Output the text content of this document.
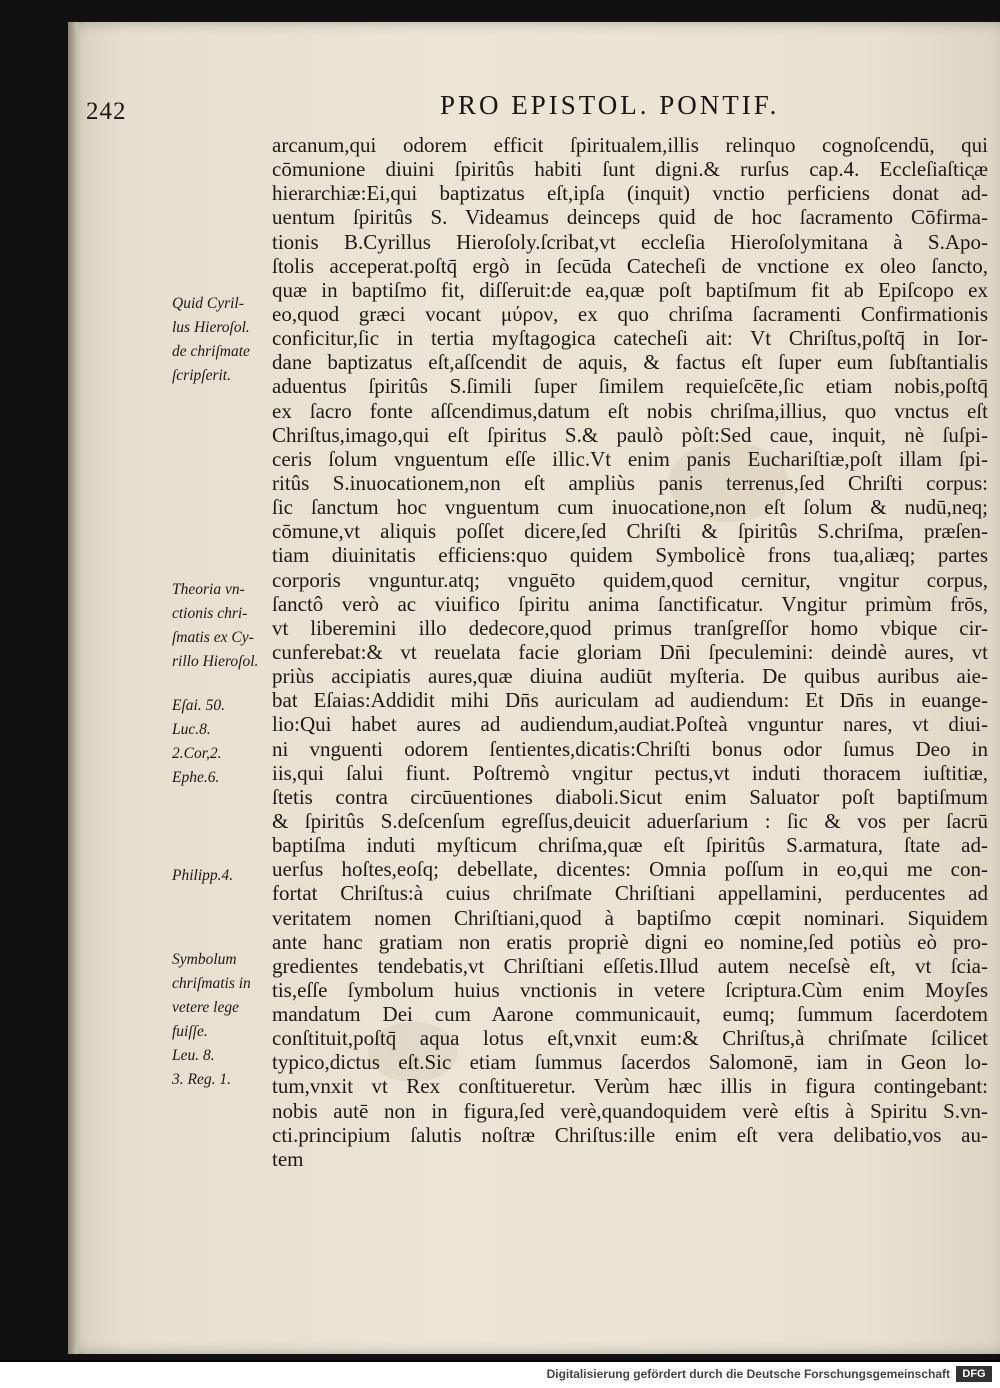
242	PRO EPISTOL. PONTIF.
arcanum,qui odorem efficit ſpiritualem,illis relinquo cognoſcendū, qui
cōmunione diuini ſpiritûs habiti ſunt digni.& rurſus cap.4. Eccleſiaſtic̨æ
hierarchiæ:Ei,qui baptizatus eſt,ipſa (inquit) vnctio perficiens donat ad-
uentum ſpiritûs S. Videamus deinceps quid de hoc ſacramento Cōfirma-
tionis B.Cyrillus Hieroſoly.ſcribat,vt eccleſia Hieroſolymitana à S.Apo-
ſtolis acceperat.poſtq̄ ergò in ſecūda Catecheſi de vnctione ex oleo ſancto,
quæ in baptiſmo fit, diſſeruit:de ea,quæ poſt baptiſmum fit ab Epiſcopo ex
eo,quod græci vocant μύρον, ex quo chriſma ſacramenti Confirmationis
conficitur,ſic in tertia myſtagogica catecheſi ait: Vt Chriſtus,poſtq̄ in Ior-
dane baptizatus eſt,aſſcendit de aquis, & factus eſt ſuper eum ſubſtantialis
aduentus ſpiritûs S.ſimili ſuper ſimilem requieſcēte,ſic etiam nobis,poſtq̄
ex ſacro fonte aſſcendimus,datum eſt nobis chriſma,illius, quo vnctus eſt
Chriſtus,imago,qui eſt ſpiritus S.& paulò pòſt:Sed caue, inquit, nè ſuſpi-
ceris ſolum vnguentum eſſe illic.Vt enim panis Euchariſtiæ,poſt illam ſpi-
ritûs S.inuocationem,non eſt ampliùs panis terrenus,ſed Chriſti corpus:
ſic ſanctum hoc vnguentum cum inuocatione,non eſt ſolum & nudū,neq;
cōmune,vt aliquis poſſet dicere,ſed Chriſti & ſpiritûs S.chriſma, præſen-
tiam diuinitatis efficiens:quo quidem Symbolicè frons tua,aliæq; partes
corporis vnguntur.atq; vnguēto quidem,quod cernitur, vngitur corpus,
ſanctô verò ac viuifico ſpiritu anima ſanctificatur. Vngitur primùm frōs,
vt liberemini illo dedecore,quod primus tranſgreſſor homo vbique cir-
cunferebat:& vt reuelata facie gloriam Dn̄i ſpeculemini: deindè aures, vt
priùs accipiatis aures,quæ diuina audiūt myſteria. De quibus auribus aie-
bat Eſaias:Addidit mihi Dn̄s auriculam ad audiendum: Et Dn̄s in euange-
lio:Qui habet aures ad audiendum,audiat.Poſteà vnguntur nares, vt diui-
ni vnguenti odorem ſentientes,dicatis:Chriſti bonus odor ſumus Deo in
iis,qui ſalui fiunt. Poſtremò vngitur pectus,vt induti thoracem iuſtitiæ,
ſtetis contra circūuentiones diaboli.Sicut enim Saluator poſt baptiſmum
& ſpiritûs S.deſcenſum egreſſus,deuicit aduerſarium : ſic & vos per ſacrū
baptiſma induti myſticum chriſma,quæ eſt ſpiritûs S.armatura, ſtate ad-
uerſus hoſtes,eoſq; debellate, dicentes: Omnia poſſum in eo,qui me con-
fortat Chriſtus:à cuius chriſmate Chriſtiani appellamini, perducentes ad
veritatem nomen Chriſtiani,quod à baptiſmo cœpit nominari. Siquidem
ante hanc gratiam non eratis propriè digni eo nomine,ſed potiùs eò pro-
gredientes tendebatis,vt Chriſtiani eſſetis.Illud autem neceſsè eſt, vt ſcia-
tis,eſſe ſymbolum huius vnctionis in vetere ſcriptura.Cùm enim Moyſes
mandatum Dei cum Aarone communicauit, eumq; ſummum ſacerdotem
conſtituit,poſtq̄ aqua lotus eſt,vnxit eum:& Chriſtus,à chriſmate ſcilicet
typico,dictus eſt.Sic etiam ſummus ſacerdos Salomonē, iam in Geon lo-
tum,vnxit vt Rex conſtitueretur. Verùm hæc illis in figura contingebant:
nobis autē non in figura,ſed verè,quandoquidem verè eſtis à Spiritu S.vn-
cti.principium ſalutis noſtræ Chriſtus:ille enim eſt vera delibatio,vos au-
tem
Quid Cyril-
lus Hieroſol.
de chriſmate
ſcripſerit.
Theoria vn-
ctionis chri-
ſmatis ex Cy-
rillo Hieroſol.
Eſai. 50.
Luc.8.
2.Cor,2.
Ephe.6.
Philipp.4.
Symbolum
chriſmatis in
vetere lege
fuiſſe.
Leu. 8.
3. Reg. 1.
Digitalisierung gefördert durch die Deutsche Forschungsgemeinschaft	DFG
